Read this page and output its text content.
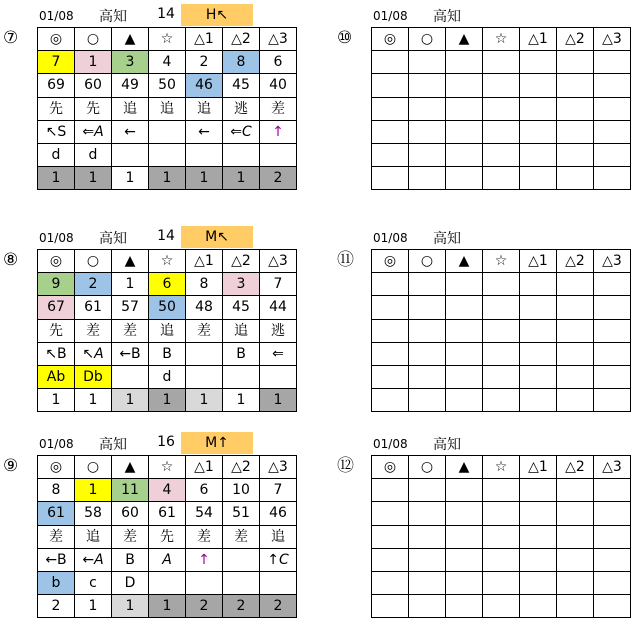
⑦
01/08 高知	14	H↖
◎	○	▲	☆	△1	△2	△3
7	1	3	4	2	8	6
69	60	49	50	46	45	40
先	先	追	追	追	逃	差
↖S	⇐A	←		←	⇐C	↑
d	d					
1	1	1	1	1	1	2
⑧
01/08 高知	14	M↖
◎	○	▲	☆	△1	△2	△3
9	2	1	6	8	3	7
67	61	57	50	48	45	44
先	差	差	追	差	追	逃
↖B	↖A	←B	B		B	⇐
Ab	Db		d			
1	1	1	1	1	1	1
⑨
01/08 高知	16	M↑
◎	○	▲	☆	△1	△2	△3
8	1	11	4	6	10	7
61	58	60	61	54	51	46
差	追	差	先	差	差	追
←B	←A	B	A	↑		↑C
b	c	D				
2	1	1	1	2	2	2
⑩
01/08 高知
◎	○	▲	☆	△1	△2	△3

⑪
01/08 高知
◎	○	▲	☆	△1	△2	△3

⑫
01/08 高知
◎	○	▲	☆	△1	△2	△3
